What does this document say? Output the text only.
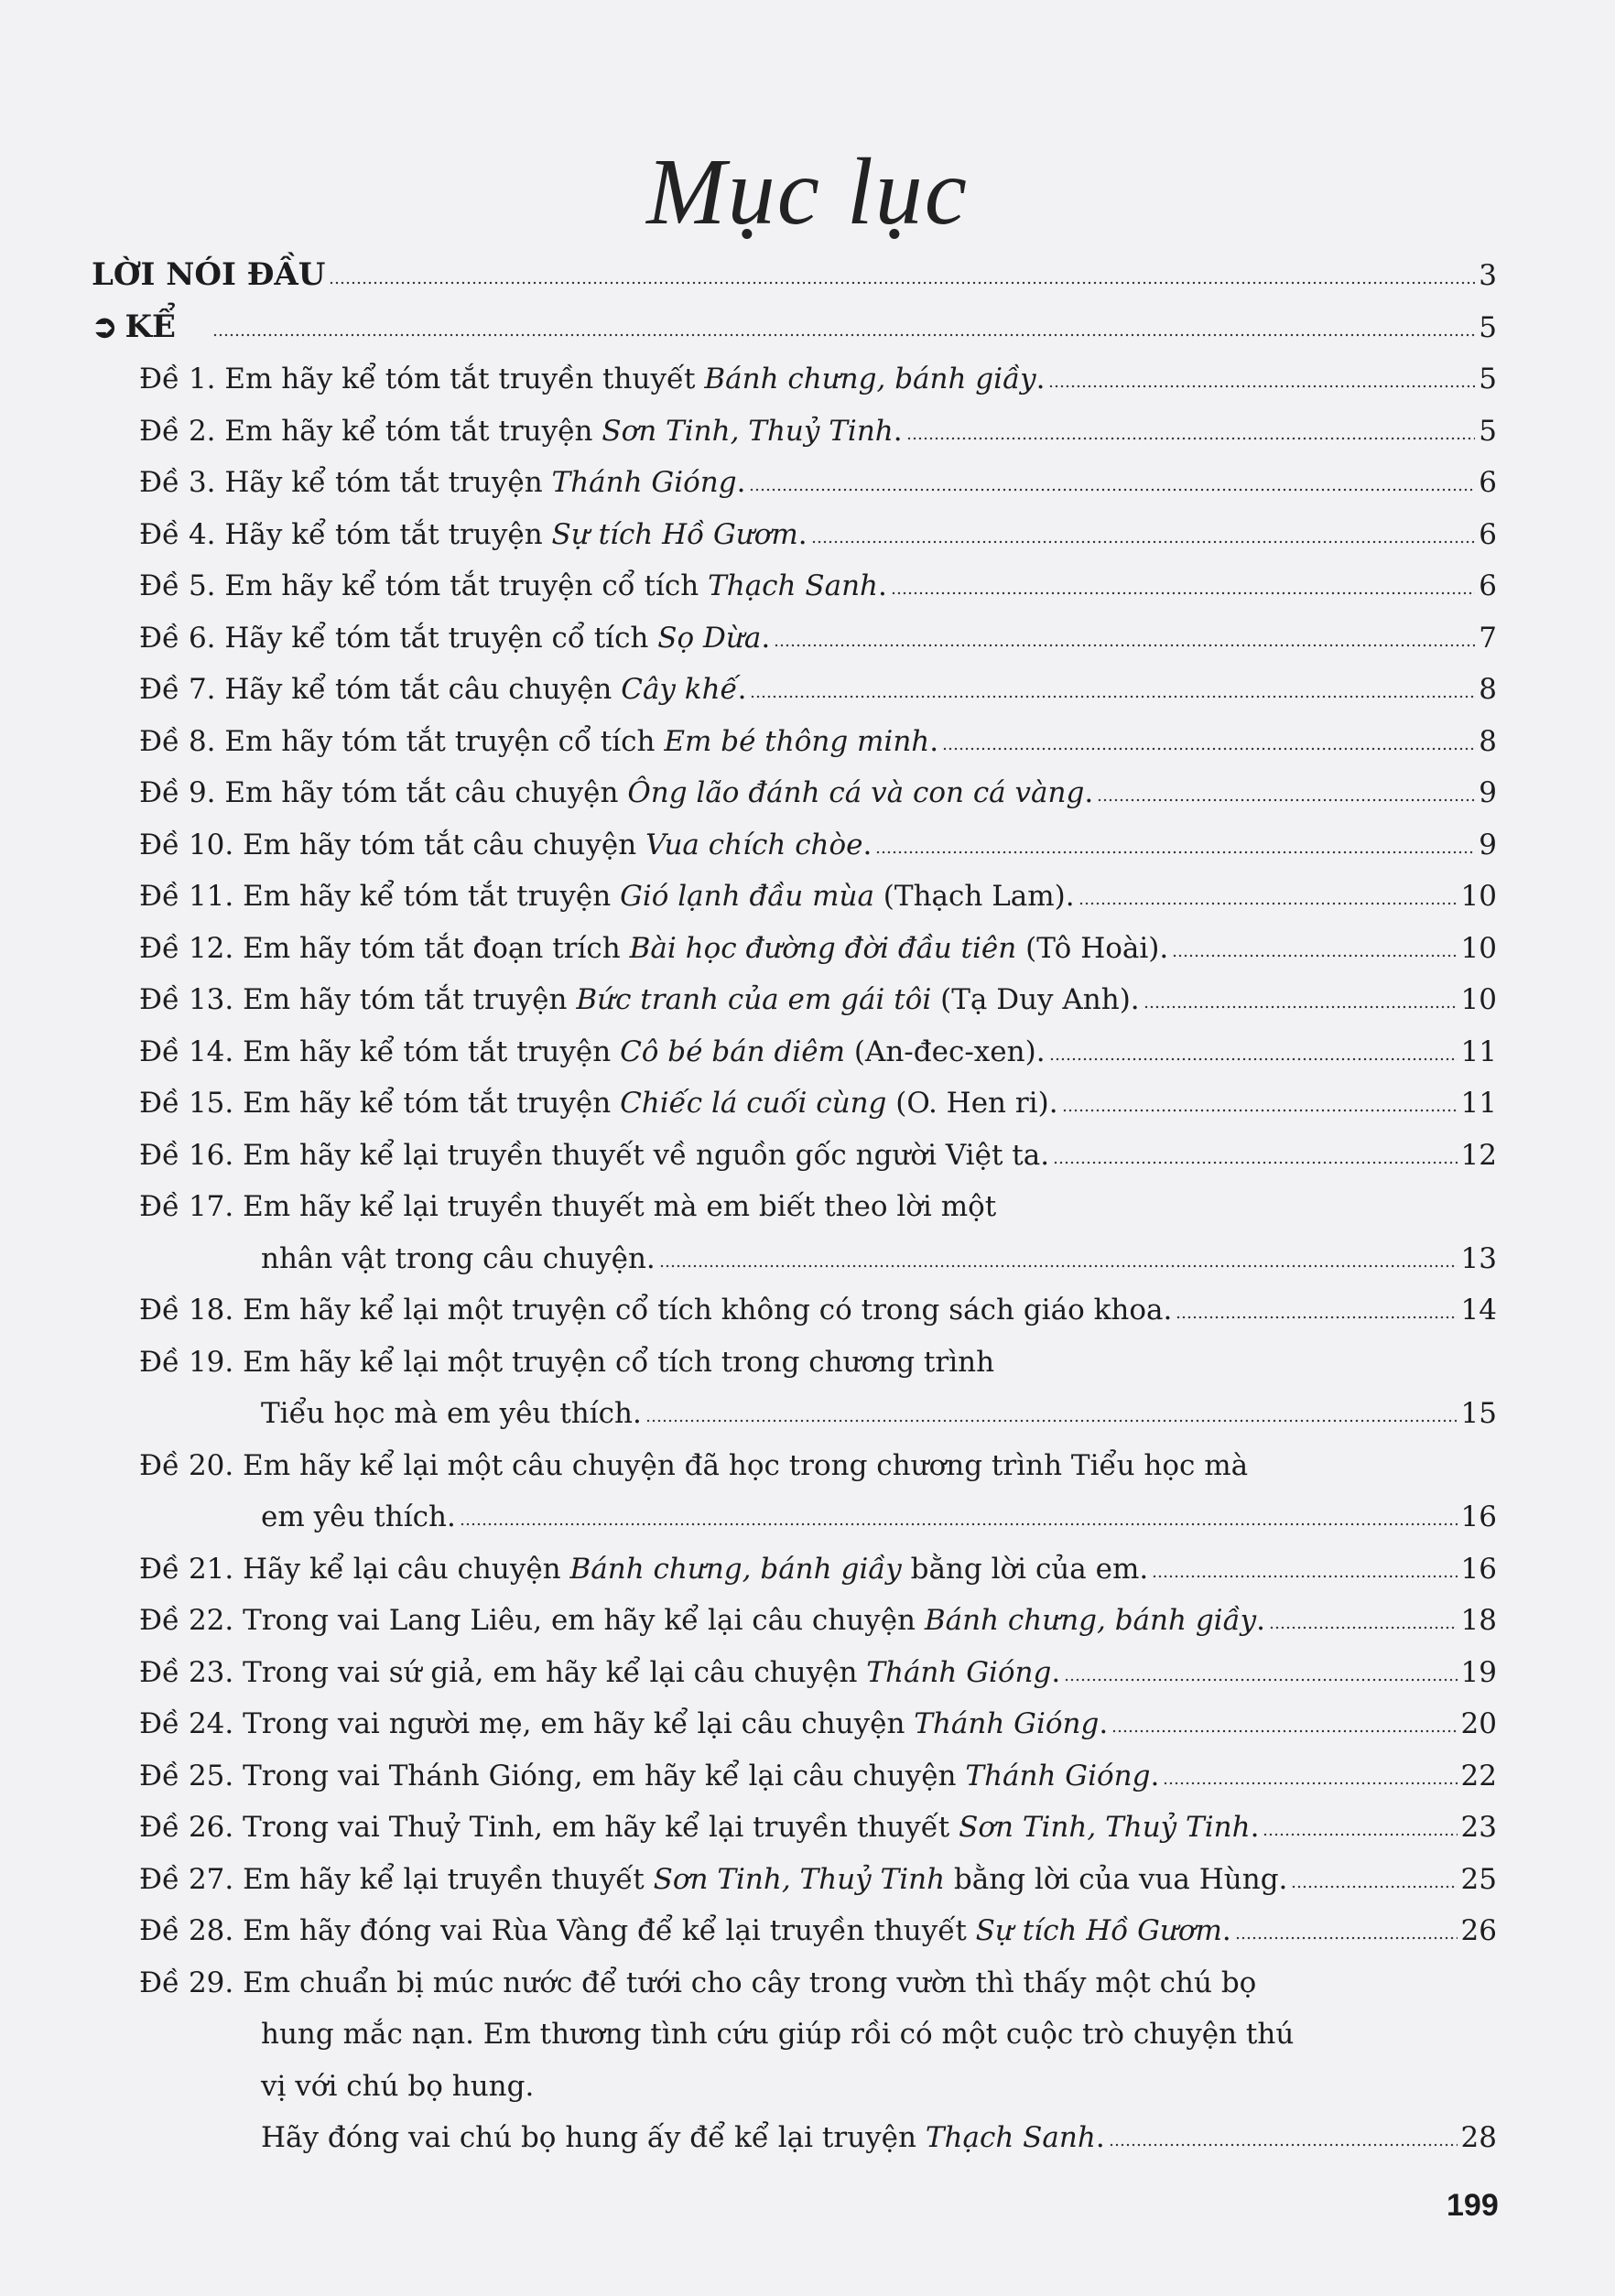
Mục lục
LỜI NÓI ĐẦU	3
➲ KỂ	5
Đề 1. Em hãy kể tóm tắt truyền thuyết Bánh chưng, bánh giầy .	5
Đề 2. Em hãy kể tóm tắt truyện Sơn Tinh, Thuỷ Tinh .	5
Đề 3. Hãy kể tóm tắt truyện Thánh Gióng .	6
Đề 4. Hãy kể tóm tắt truyện Sự tích Hồ Gươm .	6
Đề 5. Em hãy kể tóm tắt truyện cổ tích Thạch Sanh .	6
Đề 6. Hãy kể tóm tắt truyện cổ tích Sọ Dừa .	7
Đề 7. Hãy kể tóm tắt câu chuyện Cây khế .	8
Đề 8. Em hãy tóm tắt truyện cổ tích Em bé thông minh .	8
Đề 9. Em hãy tóm tắt câu chuyện Ông lão đánh cá và con cá vàng .	9
Đề 10. Em hãy tóm tắt câu chuyện Vua chích chòe .	9
Đề 11. Em hãy kể tóm tắt truyện Gió lạnh đầu mùa (Thạch Lam).	10
Đề 12. Em hãy tóm tắt đoạn trích Bài học đường đời đầu tiên (Tô Hoài).	10
Đề 13. Em hãy tóm tắt truyện Bức tranh của em gái tôi (Tạ Duy Anh).	10
Đề 14. Em hãy kể tóm tắt truyện Cô bé bán diêm (An-đec-xen).	11
Đề 15. Em hãy kể tóm tắt truyện Chiếc lá cuối cùng (O. Hen ri).	11
Đề 16. Em hãy kể lại truyền thuyết về nguồn gốc người Việt ta.	12
Đề 17. Em hãy kể lại truyền thuyết mà em biết theo lời một
nhân vật trong câu chuyện.	13
Đề 18. Em hãy kể lại một truyện cổ tích không có trong sách giáo khoa.	14
Đề 19. Em hãy kể lại một truyện cổ tích trong chương trình
Tiểu học mà em yêu thích.	15
Đề 20. Em hãy kể lại một câu chuyện đã học trong chương trình Tiểu học mà
em yêu thích.	16
Đề 21. Hãy kể lại câu chuyện Bánh chưng, bánh giầy bằng lời của em.	16
Đề 22. Trong vai Lang Liêu, em hãy kể lại câu chuyện Bánh chưng, bánh giầy .	18
Đề 23. Trong vai sứ giả, em hãy kể lại câu chuyện Thánh Gióng .	19
Đề 24. Trong vai người mẹ, em hãy kể lại câu chuyện Thánh Gióng .	20
Đề 25. Trong vai Thánh Gióng, em hãy kể lại câu chuyện Thánh Gióng .	22
Đề 26. Trong vai Thuỷ Tinh, em hãy kể lại truyền thuyết Sơn Tinh, Thuỷ Tinh .	23
Đề 27. Em hãy kể lại truyền thuyết Sơn Tinh, Thuỷ Tinh bằng lời của vua Hùng.	25
Đề 28. Em hãy đóng vai Rùa Vàng để kể lại truyền thuyết Sự tích Hồ Gươm .	26
Đề 29. Em chuẩn bị múc nước để tưới cho cây trong vườn thì thấy một chú bọ
hung mắc nạn. Em thương tình cứu giúp rồi có một cuộc trò chuyện thú
vị với chú bọ hung.
Hãy đóng vai chú bọ hung ấy để kể lại truyện Thạch Sanh .	28
199
